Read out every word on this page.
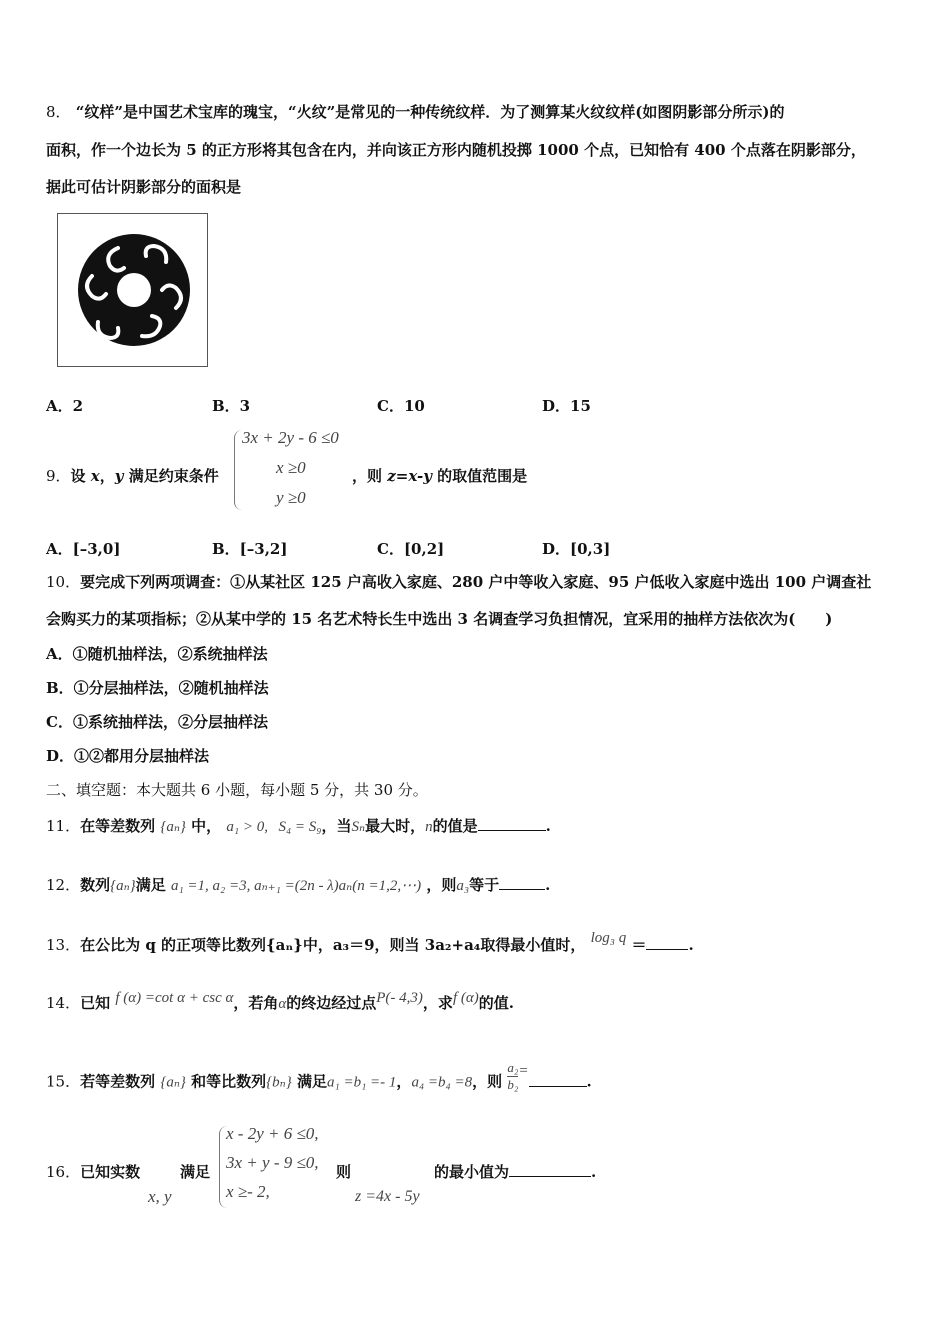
8． “纹样”是中国艺术宝库的瑰宝，“火纹”是常见的一种传统纹样．为了测算某火纹纹样(如图阴影部分所示)的
面积，作一个边长为 5 的正方形将其包含在内，并向该正方形内随机投掷 1000 个点，已知恰有 400 个点落在阴影部分，
据此可估计阴影部分的面积是
A．2	B．3	C．10	D．15
9．设 x，y 满足约束条件
3x + 2y - 6 ≤0
x ≥0
y ≥0
，则 z=x-y 的取值范围是
A．[–3,0]	B．[–3,2]	C．[0,2]	D．[0,3]
10．要完成下列两项调查：①从某社区 125 户高收入家庭、280 户中等收入家庭、95 户低收入家庭中选出 100 户调查社
会购买力的某项指标；②从某中学的 15 名艺术特长生中选出 3 名调查学习负担情况，宜采用的抽样方法依次为(　　)
A．①随机抽样法，②系统抽样法
B．①分层抽样法，②随机抽样法
C．①系统抽样法，②分层抽样法
D．①②都用分层抽样法
二、填空题：本大题共 6 小题，每小题 5 分，共 30 分。
11．在等差数列 {aₙ} 中， a₁ > 0, S₄ = S₉，当Sₙ最大时，n的值是	.
12．数列{aₙ}满足 a₁ =1, a₂ =3, aₙ₊₁ =(2n - λ)aₙ(n =1,2,⋯) ，则a₃等于	.
13．在公比为 q 的正项等比数列{aₙ}中，a₃＝9，则当 3a₂+a₄取得最小值时， log₃ q ＝	.
14．已知 f (α) =cot α + csc α，若角α的终边经过点P(- 4,3)，求f (α)的值.
15．若等差数列 {aₙ} 和等比数列{bₙ} 满足a₁ =b₁ =- 1，a₄ =b₄ =8，则 $\frac{\text{a₂}}{\text{b₂}}$ =.
16．已知实数
x, y
满足
x - 2y + 6 ≤0,
3x + y - 9 ≤0,
x ≥- 2,
则
z =4x - 5y
的最小值为	.
